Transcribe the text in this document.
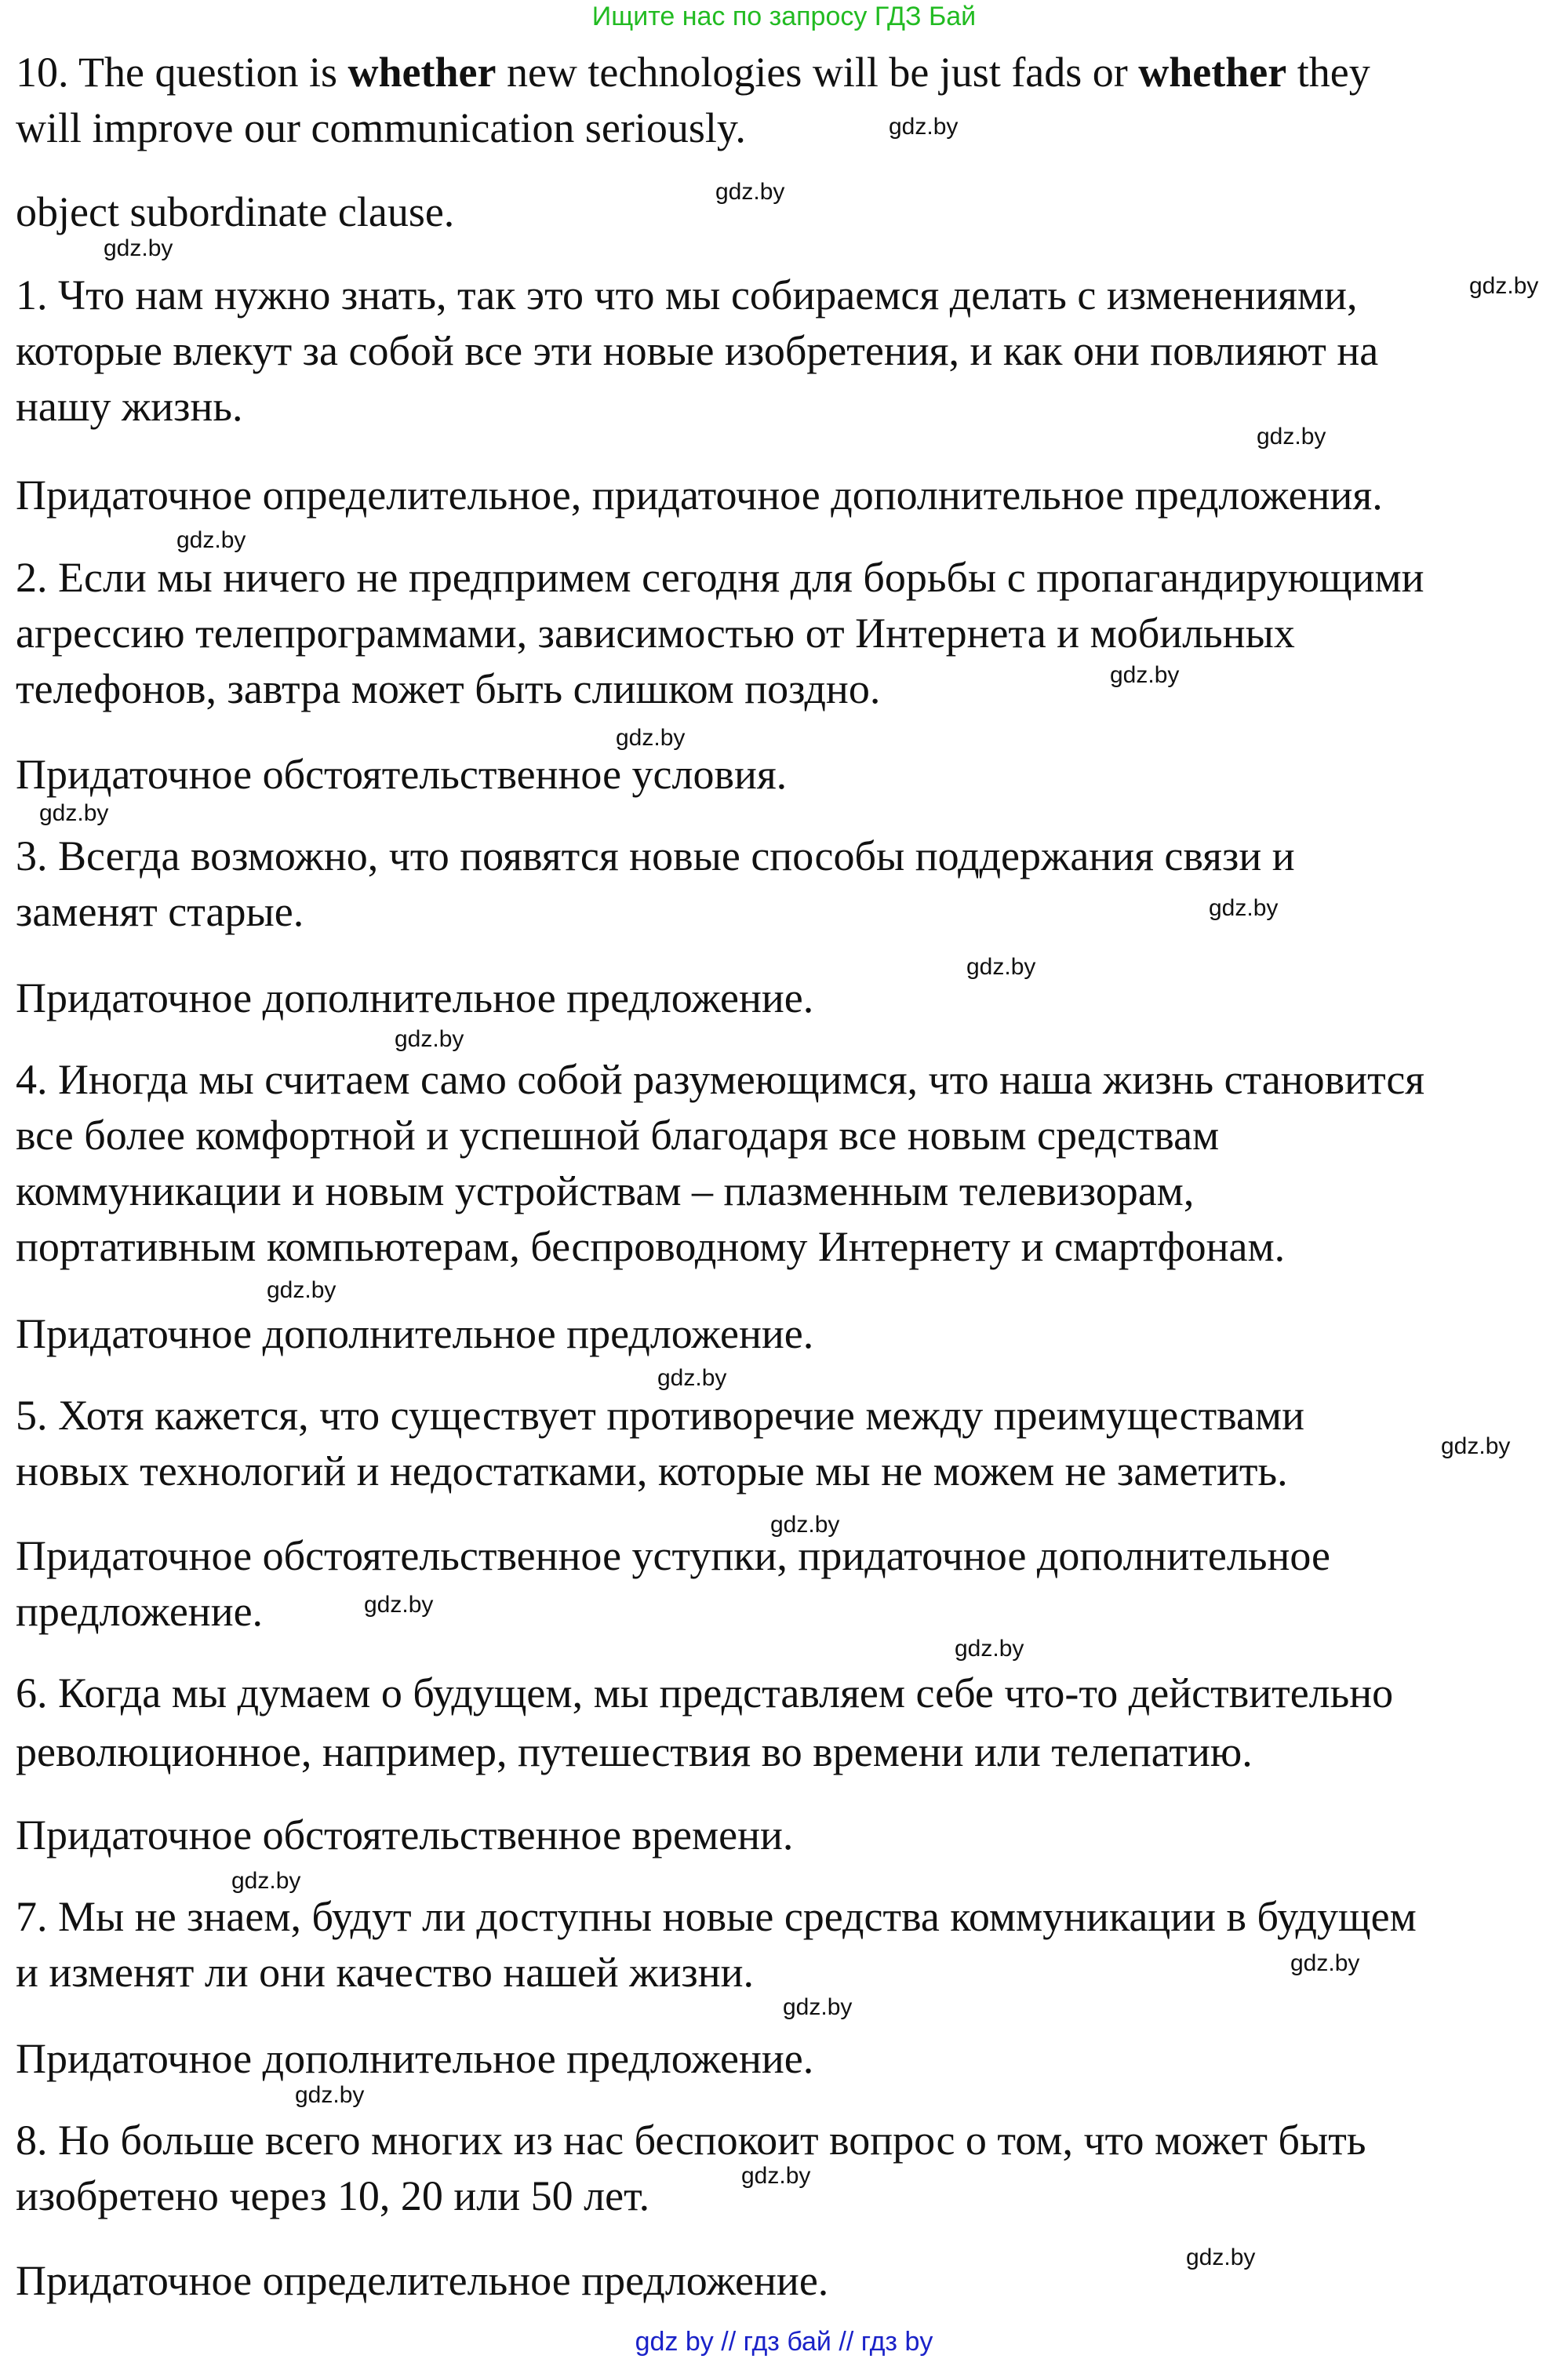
Ищите нас по запросу ГДЗ Бай
10. The question is whether new technologies will be just fads or whether they

will improve our communication seriously.

object subordinate clause.

1. Что нам нужно знать, так это что мы собираемся делать с изменениями,

которые влекут за собой все эти новые изобретения, и как они повлияют на

нашу жизнь.

Придаточное определительное, придаточное дополнительное предложения.

2. Если мы ничего не предпримем сегодня для борьбы с пропагандирующими

агрессию телепрограммами, зависимостью от Интернета и мобильных

телефонов, завтра может быть слишком поздно.

Придаточное обстоятельственное условия.

3. Всегда возможно, что появятся новые способы поддержания связи и

заменят старые.

Придаточное дополнительное предложение.

4. Иногда мы считаем само собой разумеющимся, что наша жизнь становится

все более комфортной и успешной благодаря все новым средствам

коммуникации и новым устройствам – плазменным телевизорам,

портативным компьютерам, беспроводному Интернету и смартфонам.

Придаточное дополнительное предложение.

5. Хотя кажется, что существует противоречие между преимуществами

новых технологий и недостатками, которые мы не можем не заметить.

Придаточное обстоятельственное уступки, придаточное дополнительное

предложение.

6. Когда мы думаем о будущем, мы представляем себе что-то действительно

революционное, например, путешествия во времени или телепатию.

Придаточное обстоятельственное времени.

7. Мы не знаем, будут ли доступны новые средства коммуникации в будущем

и изменят ли они качество нашей жизни.

Придаточное дополнительное предложение.

8. Но больше всего многих из нас беспокоит вопрос о том, что может быть

изобретено через 10, 20 или 50 лет.

Придаточное определительное предложение.

gdz.by
gdz.by
gdz.by
gdz.by
gdz.by
gdz.by
gdz.by
gdz.by
gdz.by
gdz.by
gdz.by
gdz.by
gdz.by
gdz.by
gdz.by
gdz.by
gdz.by
gdz.by
gdz.by
gdz.by
gdz.by
gdz.by
gdz.by
gdz.by
gdz by // гдз бай // гдз by
